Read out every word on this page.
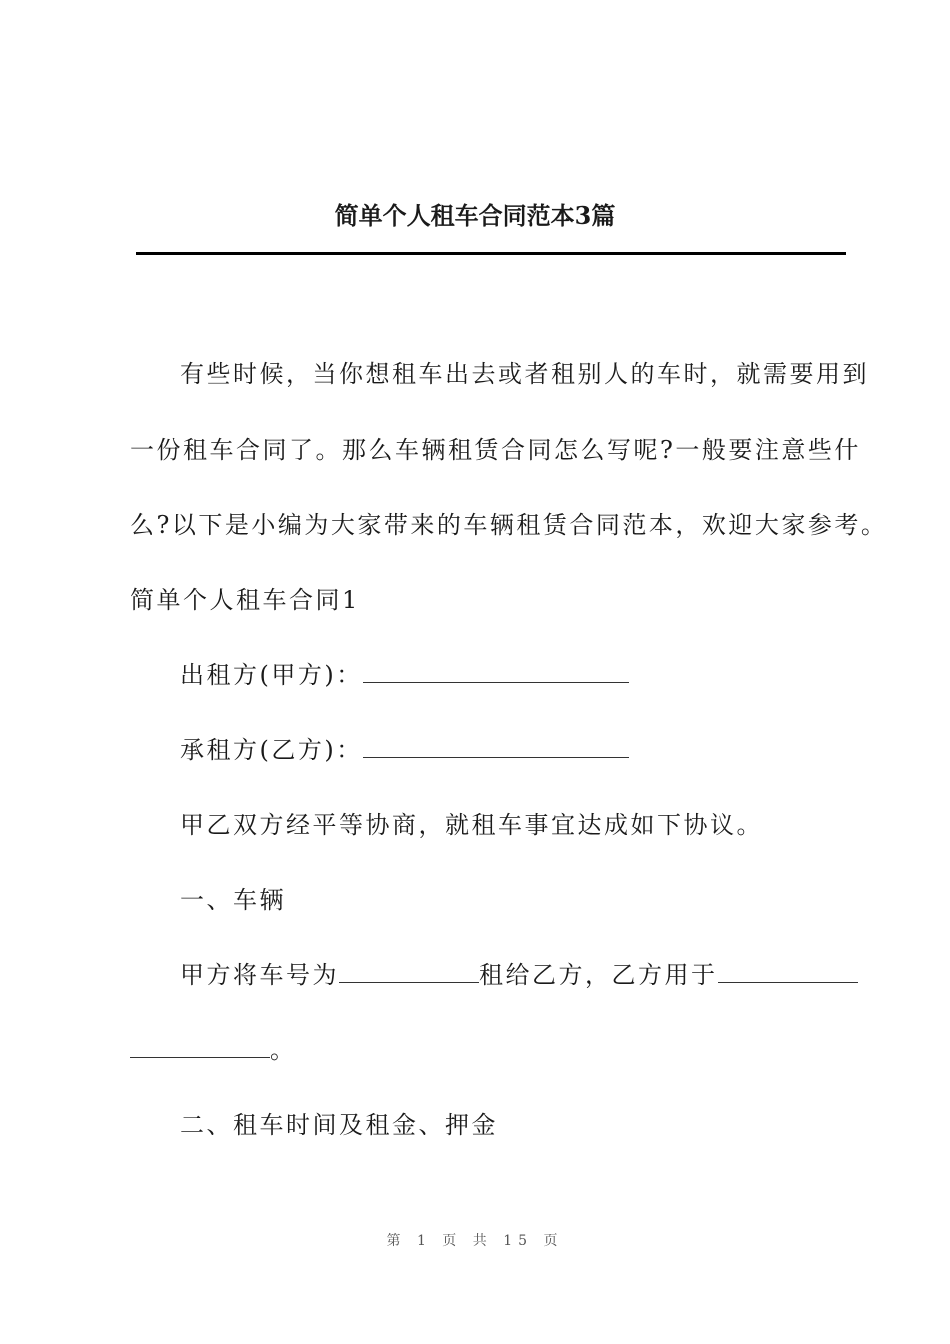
简单个人租车合同范本3篇
有些时候，当你想租车出去或者租别人的车时，就需要用到
一份租车合同了。那么车辆租赁合同怎么写呢?一般要注意些什
么?以下是小编为大家带来的车辆租赁合同范本，欢迎大家参考。
简单个人租车合同1
出租方(甲方)：
承租方(乙方)：
甲乙双方经平等协商，就租车事宜达成如下协议。
一、车辆
甲方将车号为	租给乙方，乙方用于
。
二、租车时间及租金、押金
第 1 页 共 15 页
